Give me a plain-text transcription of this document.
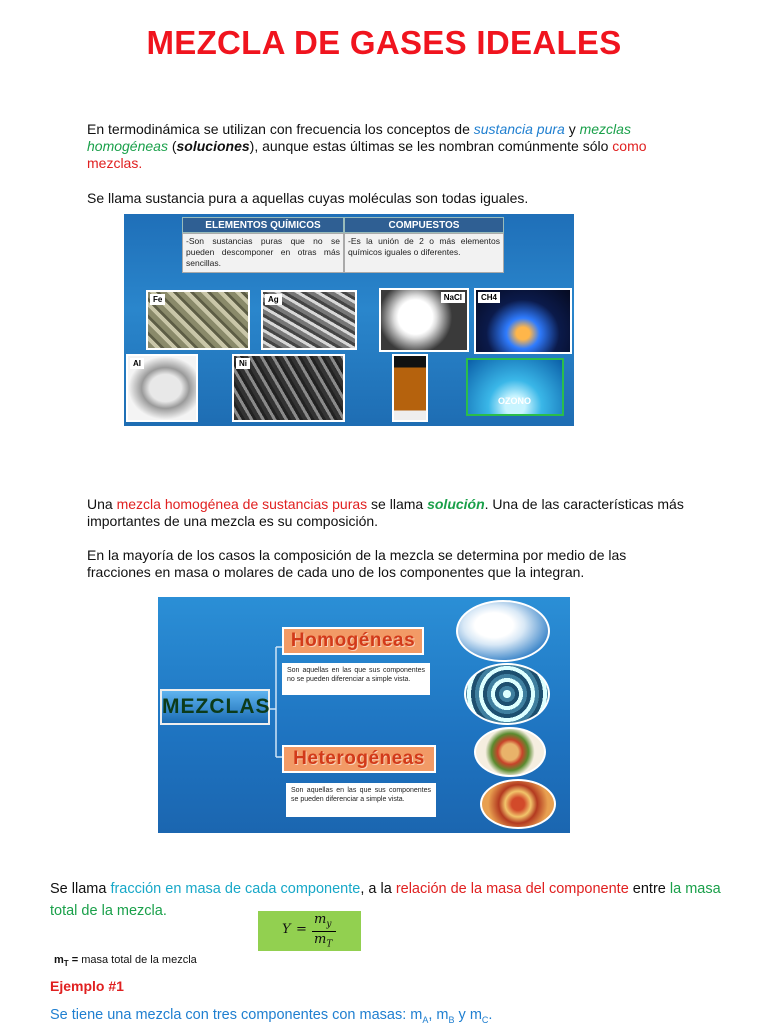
MEZCLA DE GASES IDEALES
En termodinámica se utilizan con frecuencia los conceptos de sustancia pura y mezclas homogéneas (soluciones), aunque estas últimas se les nombran comúnmente sólo como mezclas.
Se llama sustancia pura a aquellas cuyas moléculas son todas iguales.
ELEMENTOS QUÍMICOS	COMPUESTOS
-Son sustancias puras que no se pueden descomponer en otras más sencillas.
-Es la unión de 2 o más elementos químicos iguales o diferentes.
Fe	Ag
Al	Ni
NaCl	CH4
OZONO
Una mezcla homogénea de sustancias puras se llama solución. Una de las características más importantes de una mezcla es su composición.
En la mayoría de los casos la composición de la mezcla se determina por medio de las fracciones en masa o molares de cada uno de los componentes que la integran.
MEZCLAS
Homogéneas
Son aquellas en las que sus componentes no se pueden diferenciar a simple vista.
Heterogéneas
Son aquellas en las que sus componentes se pueden diferenciar a simple vista.
Se llama fracción en masa de cada componente, a la relación de la masa del componente entre la masa total de la mezcla.
Y =
$m_y$
$m_T$
$m_T$ = masa total de la mezcla
Ejemplo #1
Se tiene una mezcla con tres componentes con masas: $m_A$, $m_B$ y $m_C$.
